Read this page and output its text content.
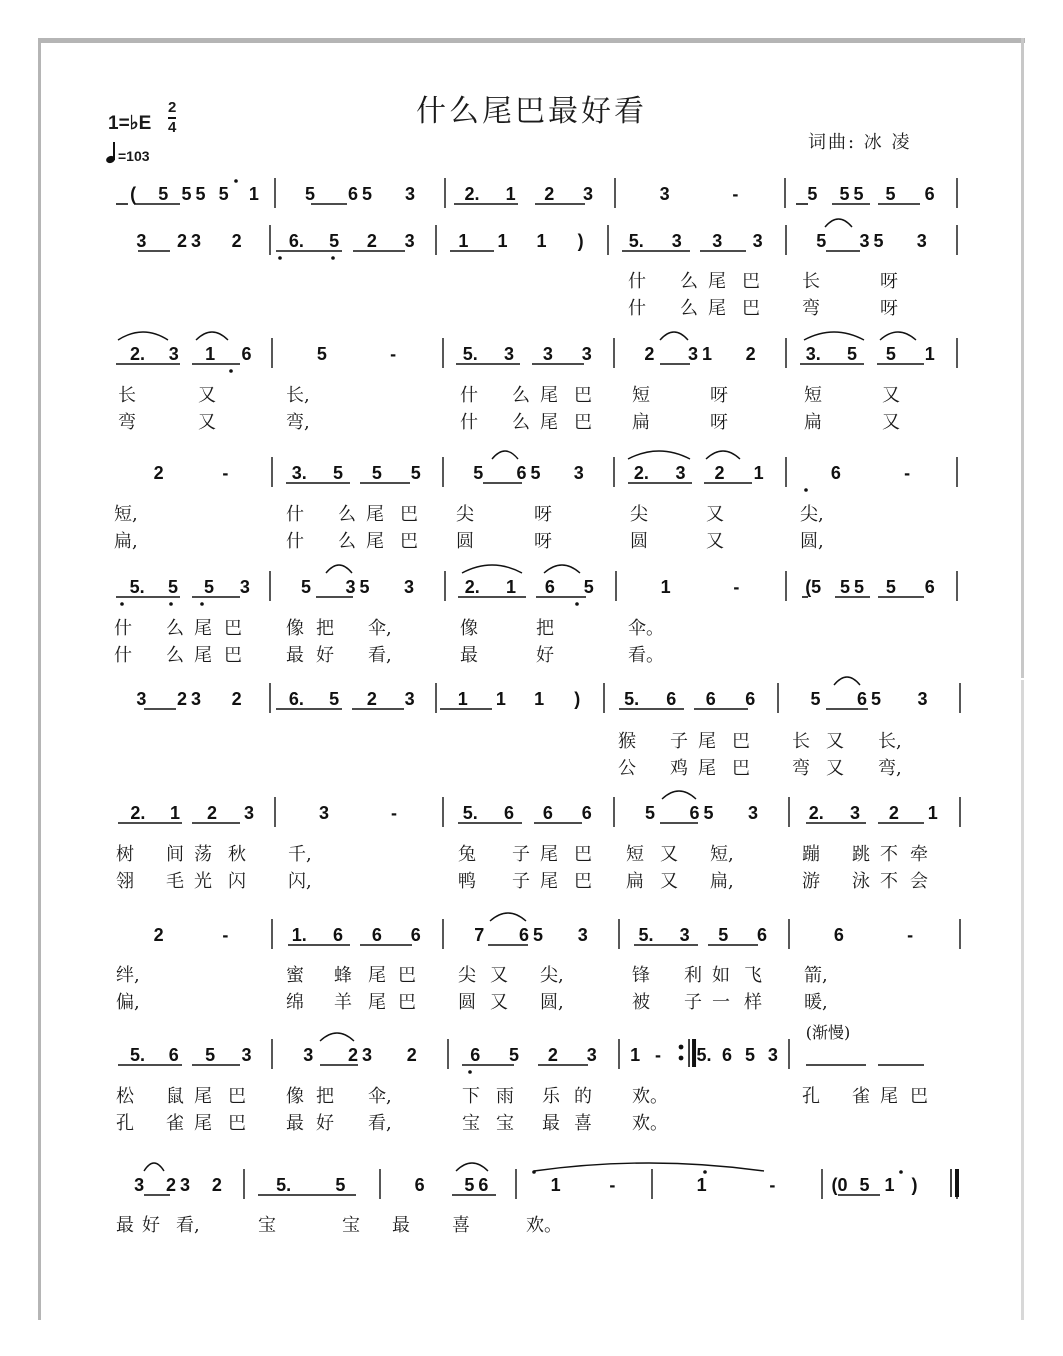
什么尾巴最好看
1=♭E
2
4
=103
词曲: 冰 凌
( 5 5 5 5 1	5 6 5 3	2. 1 2 3	3	-	5 5 5 5 6
3 2 3 2	6. 5 2 3 1 1 1 )	5. 3 3 3	5 3 5 3
2. 3 1 6	5	-	5. 3 3 3	2 3 1 2	3. 5 5 1
2	-	3. 5 5 5	5 6 5 3	2. 3 2 1	6	-
5. 5 5 3	5 3 5 3	2. 1 6 5	1	-	(5 5 5 5 6
3 2 3 2	6. 5 2 3 1 1 1 ) 5. 6 6 6	5 6 5 3
2. 1 2 3	3	-	5. 6 6 6	5 6 5 3	2. 3 2 1
2	-	1. 6 6 6	7 6 5 3	5. 3 5 6	6	-
5. 6 5 3	3 2 3 2	6 5 2 3 1 - 5. 6 5 3
3 2 3 2	5. 5	6 5 6	1	-	1	-	(0 5 1 )
(渐慢)
什 么 尾 巴 长	呀
什 么 尾 巴 弯	呀
长	又	长,	什 么 尾 巴 短	呀	短	又
弯	又	弯,	什 么 尾 巴 扁	呀	扁	又
短,	什 么 尾 巴 尖	呀	尖	又	尖,
扁,	什 么 尾 巴 圆	呀	圆	又	圆,
什 么 尾 巴 像 把 伞,	像	把	伞。
什 么 尾 巴 最 好 看,	最	好	看。
猴 子 尾 巴 长 又 长,
公 鸡 尾 巴 弯 又 弯,
树 间 荡 秋 千,	兔 子 尾 巴 短 又 短,	蹦 跳 不 牵
翎 毛 光 闪 闪,	鸭 子 尾 巴 扁 又 扁,	游 泳 不 会
绊,	蜜 蜂 尾 巴 尖 又 尖,	锋 利 如 飞 箭,
偏,	绵 羊 尾 巴 圆 又 圆,	被 子 一 样 暖,
松 鼠 尾 巴 像 把 伞,	下 雨 乐 的 欢。	孔 雀 尾 巴
孔 雀 尾 巴 最 好 看,	宝 宝 最 喜 欢。
最 好 看,	宝	宝 最 喜	欢。
